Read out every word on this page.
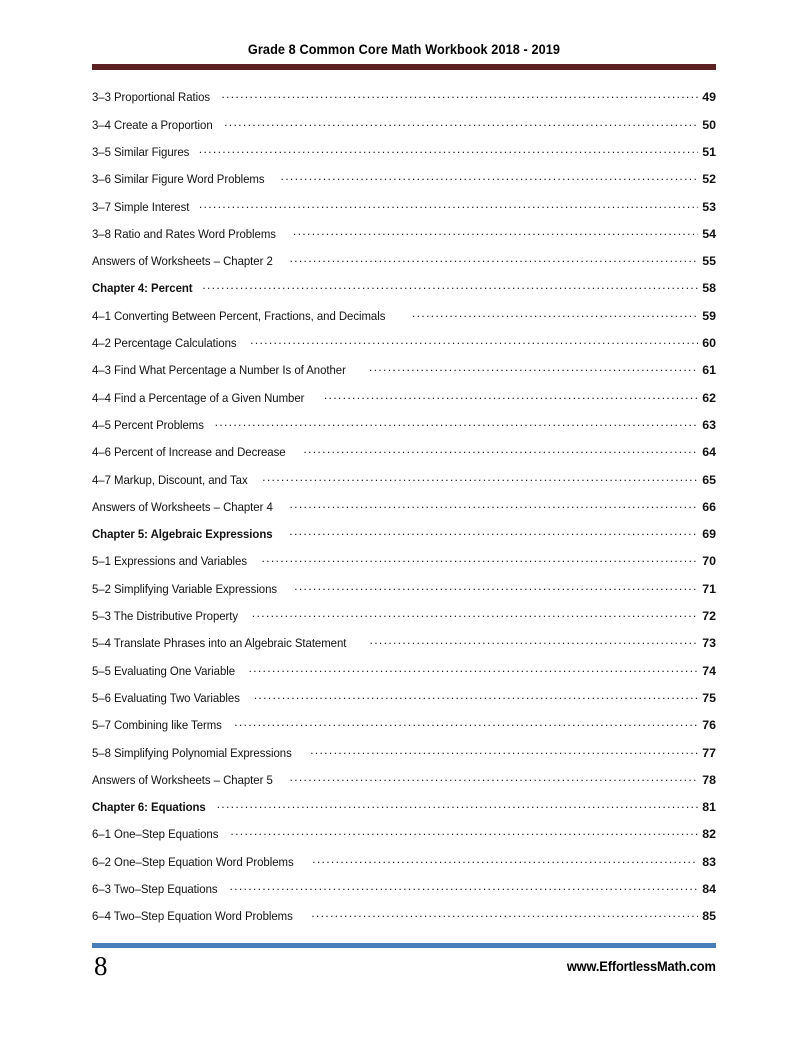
Grade 8 Common Core Math Workbook 2018 - 2019
3–3 Proportional Ratios .....	49
3–4 Create a Proportion .....	50
3–5 Similar Figures .....	51
3–6 Similar Figure Word Problems .....	52
3–7 Simple Interest .....	53
3–8 Ratio and Rates Word Problems .....	54
Answers of Worksheets – Chapter 2 .....	55
Chapter 4: Percent .....	58
4–1 Converting Between Percent, Fractions, and Decimals .....	59
4–2 Percentage Calculations .....	60
4–3 Find What Percentage a Number Is of Another .....	61
4–4 Find a Percentage of a Given Number .....	62
4–5 Percent Problems .....	63
4–6 Percent of Increase and Decrease .....	64
4–7 Markup, Discount, and Tax .....	65
Answers of Worksheets – Chapter 4 .....	66
Chapter 5: Algebraic Expressions .....	69
5–1 Expressions and Variables .....	70
5–2 Simplifying Variable Expressions .....	71
5–3 The Distributive Property .....	72
5–4 Translate Phrases into an Algebraic Statement .....	73
5–5 Evaluating One Variable .....	74
5–6 Evaluating Two Variables .....	75
5–7 Combining like Terms .....	76
5–8 Simplifying Polynomial Expressions .....	77
Answers of Worksheets – Chapter 5 .....	78
Chapter 6: Equations .....	81
6–1 One–Step Equations .....	82
6–2 One–Step Equation Word Problems .....	83
6–3 Two–Step Equations .....	84
6–4 Two–Step Equation Word Problems .....	85
8	www.EffortlessMath.com
